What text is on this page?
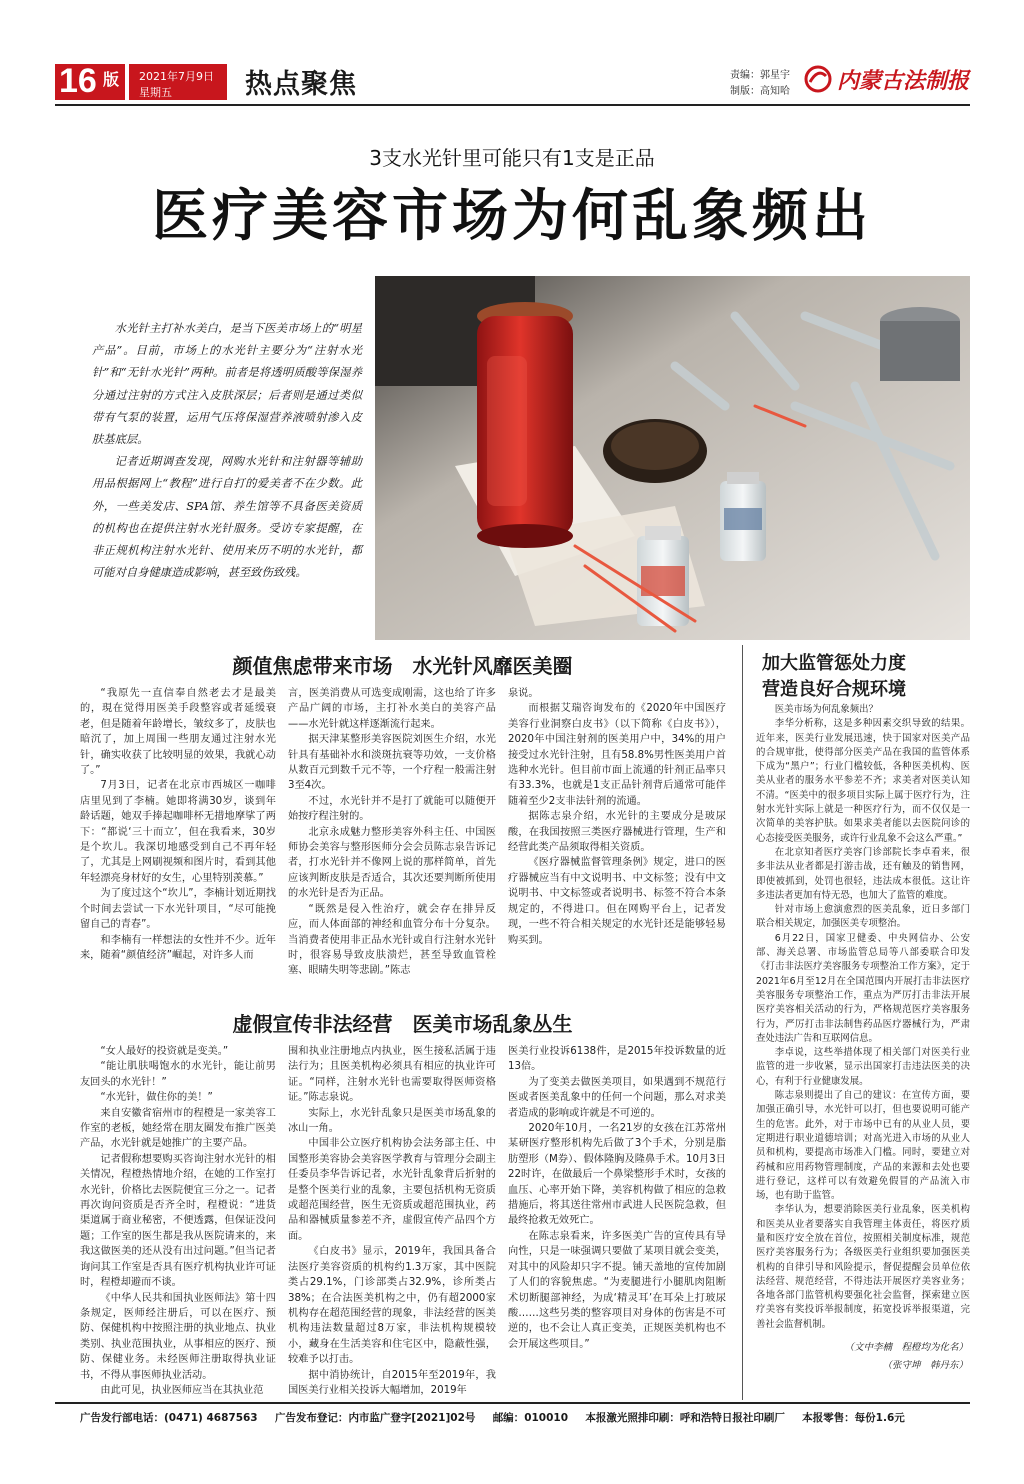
16 版 2021年7月9日
星期五	热点聚焦	责编：郭星宇
制版：高知哈 内蒙古法制报
3支水光针里可能只有1支是正品
医疗美容市场为何乱象频出

水光针主打补水美白，是当下医美市场上的“明星产品”。目前，市场上的水光针主要分为“注射水光针”和“无针水光针”两种。前者是将透明质酸等保湿养分通过注射的方式注入皮肤深层；后者则是通过类似带有气泵的装置，运用气压将保湿营养液喷射渗入皮肤基底层。

记者近期调查发现，网购水光针和注射器等辅助用品根据网上“教程”进行自打的爱美者不在少数。此外，一些美发店、SPA馆、养生馆等不具备医美资质的机构也在提供注射水光针服务。受访专家提醒，在非正规机构注射水光针、使用来历不明的水光针，都可能对自身健康造成影响，甚至致伤致残。

颜值焦虑带来市场　水光针风靡医美圈

“我原先一直信奉自然老去才是最美的，現在觉得用医美手段整容或者延缓衰老，但是随着年龄增长，皱纹多了，皮肤也暗沉了，加上周围一些朋友通过注射水光针，确实收获了比较明显的效果，我就心动了。”

7月3日，记者在北京市西城区一咖啡店里见到了李楠。她即将满30岁，谈到年龄话题，她双手捧起咖啡杯无措地摩挲了两下：“都说‘三十而立’，但在我看来，30岁是个坎儿。我深切地感受到自己不再年轻了，尤其是上网刷视频和图片时，看到其他年轻漂亮身材好的女生，心里特别羡慕。”

为了度过这个“坎儿”，李楠计划近期找个时间去尝试一下水光针项目，“尽可能挽留自己的青春”。

和李楠有一样想法的女性并不少。近年来，随着“颜值经济”崛起，对许多人而

言，医美消费从可选变成刚需，这也给了许多产品广阔的市场，主打补水美白的美容产品——水光针就这样逐渐流行起来。

据天津某整形美容医院刘医生介绍，水光针具有基础补水和淡斑抗衰等功效，一支价格从数百元到数千元不等，一个疗程一般需注射3至4次。

不过，水光针并不是打了就能可以随便开始按疗程注射的。

北京永成魅力整形美容外科主任、中国医师协会美容与整形医师分会会员陈志泉告诉记者，打水光针并不像网上说的那样简单，首先应该判断皮肤是否适合，其次还要判断所使用的水光针是否为正品。

“既然是侵入性治疗，就会存在排异反应，而人体面部的神经和血管分布十分复杂。当消费者使用非正品水光针或自行注射水光针时，很容易导致皮肤溃烂，甚至导致血管栓塞、眼睛失明等悲剧。”陈志

泉说。

而根据艾瑞咨询发布的《2020年中国医疗美容行业洞察白皮书》（以下简称《白皮书》），2020年中国注射剂的医美用户中，34%的用户接受过水光针注射，且有58.8%男性医美用户首选种水光针。但目前市面上流通的针剂正品率只有33.3%，也就是1支正品针剂背后通常可能伴随着至少2支非法针剂的流通。

据陈志泉介绍，水光针的主要成分是玻尿酸，在我国按照三类医疗器械进行管理，生产和经营此类产品须取得相关资质。

《医疗器械监督管理条例》规定，进口的医疗器械应当有中文说明书、中文标签；没有中文说明书、中文标签或者说明书、标签不符合本条规定的，不得进口。但在网购平台上，记者发现，一些不符合相关规定的水光针还是能够轻易购买到。

虚假宣传非法经营　医美市场乱象丛生

“女人最好的投资就是变美。”

“能让肌肤喝饱水的水光针，能让前男友回头的水光针！”

“水光针，做住你的美！”

来自安徽省宿州市的程橙是一家美容工作室的老板，她经常在朋友圈发布推广医美产品，水光针就是她推广的主要产品。

记者假称想要购买咨询注射水光针的相关情况，程橙热情地介绍，在她的工作室打水光针，价格比去医院便宜三分之一。记者再次询问资质是否齐全时，程橙说：“进货渠道属于商业秘密，不便透露，但保证没问题；工作室的医生都是我从医院请来的，来我这做医美的还从没有出过问题。”但当记者询问其工作室是否具有医疗机构执业许可证时，程橙却避而不谈。

《中华人民共和国执业医师法》第十四条规定，医师经注册后，可以在医疗、预防、保健机构中按照注册的执业地点、执业类别、执业范围执业，从事相应的医疗、预防、保健业务。未经医师注册取得执业证书，不得从事医师执业活动。

由此可见，执业医师应当在其执业范

围和执业注册地点内执业，医生接私活属于违法行为；且医美机构必须具有相应的执业许可证。“同样，注射水光针也需要取得医师资格证。”陈志泉说。

实际上，水光针乱象只是医美市场乱象的冰山一角。

中国非公立医疗机构协会法务部主任、中国整形美容协会美容医学教育与管理分会副主任委员李华告诉记者，水光针乱象背后折射的是整个医美行业的乱象，主要包括机构无资质或超范围经营，医生无资质或超范围执业，药品和器械质量参差不齐，虚假宣传产品四个方面。

《白皮书》显示，2019年，我国具备合法医疗美容资质的机构约1.3万家，其中医院类占29.1%，门诊部类占32.9%，诊所类占38%；在合法医美机构之中，仍有超2000家机构存在超范围经营的现象，非法经营的医美机构违法数量超过8万家，非法机构规模较小，藏身在生活美容和住宅区中，隐蔽性强，较难予以打击。

据中消协统计，自2015年至2019年，我国医美行业相关投诉大幅增加，2019年

医美行业投诉6138件，是2015年投诉数量的近13倍。

为了变美去做医美项目，如果遇到不规范行医或者医美乱象中的任何一个问题，那么对求美者造成的影响或许就是不可逆的。

2020年10月，一名21岁的女孩在江苏常州某研医疗整形机构先后做了3个手术，分别是脂肪塑形（M券）、假体隆胸及隆鼻手术。10月3日22时许，在做最后一个鼻梁整形手术时，女孩的血压、心率开始下降，美容机构做了相应的急救措施后，将其送往常州市武进人民医院急救，但最终抢救无效死亡。

在陈志泉看来，许多医美广告的宣传具有导向性，只是一味强调只要做了某项目就会变美，对其中的风险却只字不提。铺天盖地的宣传加剧了人们的容貌焦虑。“为麦腿进行小腿肌肉阻断术切断腿部神经，为成‘精灵耳’在耳朵上打玻尿酸……这些另类的整容项目对身体的伤害是不可逆的，也不会让人真正变美，正规医美机构也不会开展这些项目。”

加大监管惩处力度
营造良好合规环境

医美市场为何乱象频出？

李华分析称，这是多种因素交织导致的结果。近年来，医美行业发展迅速，快于国家对医美产品的合规审批，使得部分医美产品在我国的监管体系下成为“黑户”；行业门槛较低，各种医美机构、医美从业者的服务水平参差不齐；求美者对医美认知不清。“医美中的很多项目实际上属于医疗行为，注射水光针实际上就是一种医疗行为，而不仅仅是一次简单的美容护肤。如果求美者能以去医院问诊的心态接受医美服务，或许行业乱象不会这么严重。”

在北京知者医疗美容门诊部院长李卓看来，很多非法从业者都是打游击战，还有触及的销售网，即使被抓到，处罚也很轻，违法成本很低。这让许多违法者更加有恃无恐，也加大了监管的难度。

针对市场上愈演愈烈的医美乱象，近日多部门联合相关规定，加强医美专项整治。

6月22日，国家卫健委、中央网信办、公安部、海关总署、市场监管总局等八部委联合印发《打击非法医疗美容服务专项整治工作方案》，定于2021年6月至12月在全国范围内开展打击非法医疗美容服务专项整治工作，重点为严厉打击非法开展医疗美容相关活动的行为，严格规范医疗美容服务行为，严厉打击非法制售药品医疗器械行为，严肃查处违法广告和互联网信息。

李卓说，这些举措体现了相关部门对医美行业监管的进一步收紧，显示出国家打击违法医美的决心，有利于行业健康发展。

陈志泉则提出了自己的建议：在宣传方面，要加强正确引导，水光针可以打，但也要说明可能产生的危害。此外，对于市场中已有的从业人员，要定期进行职业道德培训；对高光进入市场的从业人员和机构，要提高市场准入门槛。同时，要建立对药械和应用药物管理制度，产品的来源和去处也要进行登记，这样可以有效避免假冒的产品流入市场，也有助于监管。

李华认为，想要消除医美行业乱象，医美机构和医美从业者要落实自我管理主体责任，将医疗质量和医疗安全放在首位，按照相关制度标准，规范医疗美容服务行为；各级医美行业组织要加强医美机构的自律引导和风险提示，督促提醒会员单位依法经营、规范经营，不得违法开展医疗美容业务；各地各部门监管机构要强化社会监督，探索建立医疗美容有奖投诉举报制度，拓宽投诉举报渠道，完善社会监督机制。

（文中李楠　程橙均为化名）
（张守坤　韩丹东）
广告发行部电话：(0471) 4687563 广告发布登记：内市监广登字[2021]02号 邮编：010010 本报激光照排印刷：呼和浩特日报社印刷厂 本报零售：每份1.6元
